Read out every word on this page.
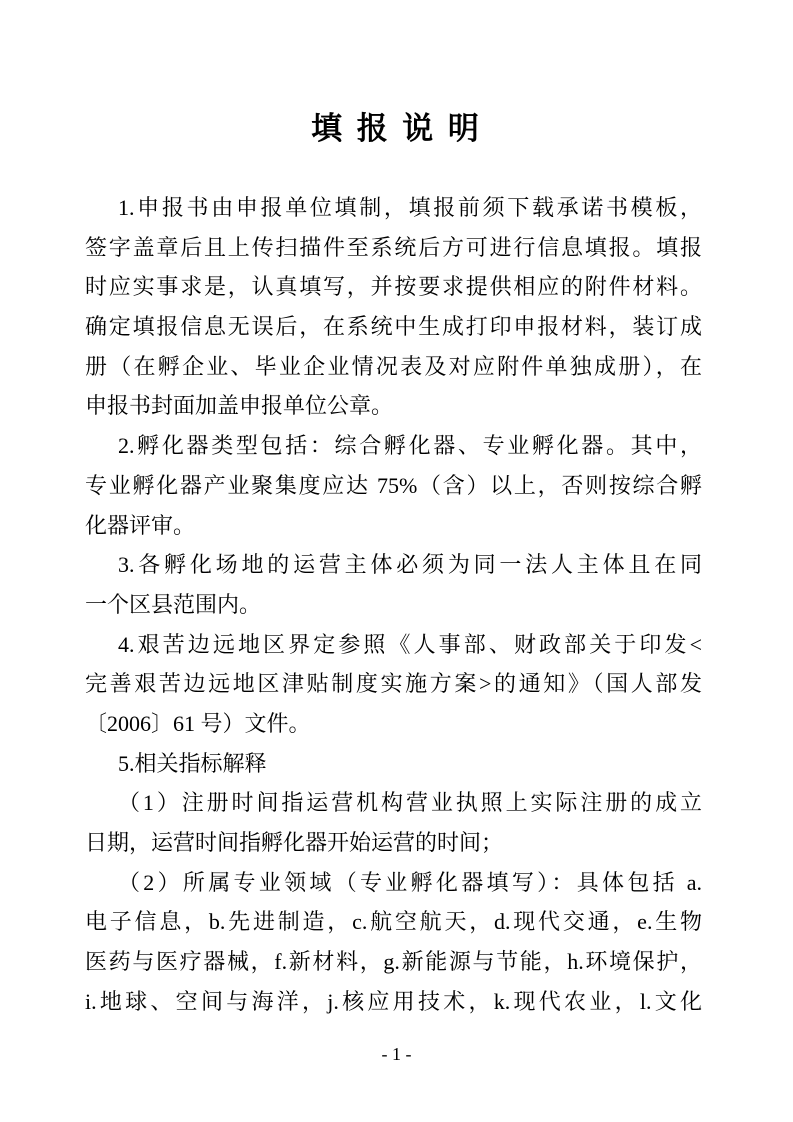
填 报 说 明
1.申报书由申报单位填制，填报前须下载承诺书模板，
签字盖章后且上传扫描件至系统后方可进行信息填报。填报
时应实事求是，认真填写，并按要求提供相应的附件材料。
确定填报信息无误后，在系统中生成打印申报材料，装订成
册（在孵企业、毕业企业情况表及对应附件单独成册），在
申报书封面加盖申报单位公章。
2.孵化器类型包括：综合孵化器、专业孵化器。其中，
专业孵化器产业聚集度应达 75%（含）以上，否则按综合孵
化器评审。
3.各孵化场地的运营主体必须为同一法人主体且在同
一个区县范围内。
4.艰苦边远地区界定参照《人事部、财政部关于印发<
完善艰苦边远地区津贴制度实施方案>的通知》（国人部发
〔2006〕61 号）文件。
5.相关指标解释
（1）注册时间指运营机构营业执照上实际注册的成立
日期，运营时间指孵化器开始运营的时间；
（2）所属专业领域（专业孵化器填写）：具体包括 a.
电子信息，b.先进制造，c.航空航天，d.现代交通，e.生物
医药与医疗器械，f.新材料，g.新能源与节能，h.环境保护，
i.地球、空间与海洋，j.核应用技术，k.现代农业，l.文化
- 1 -
